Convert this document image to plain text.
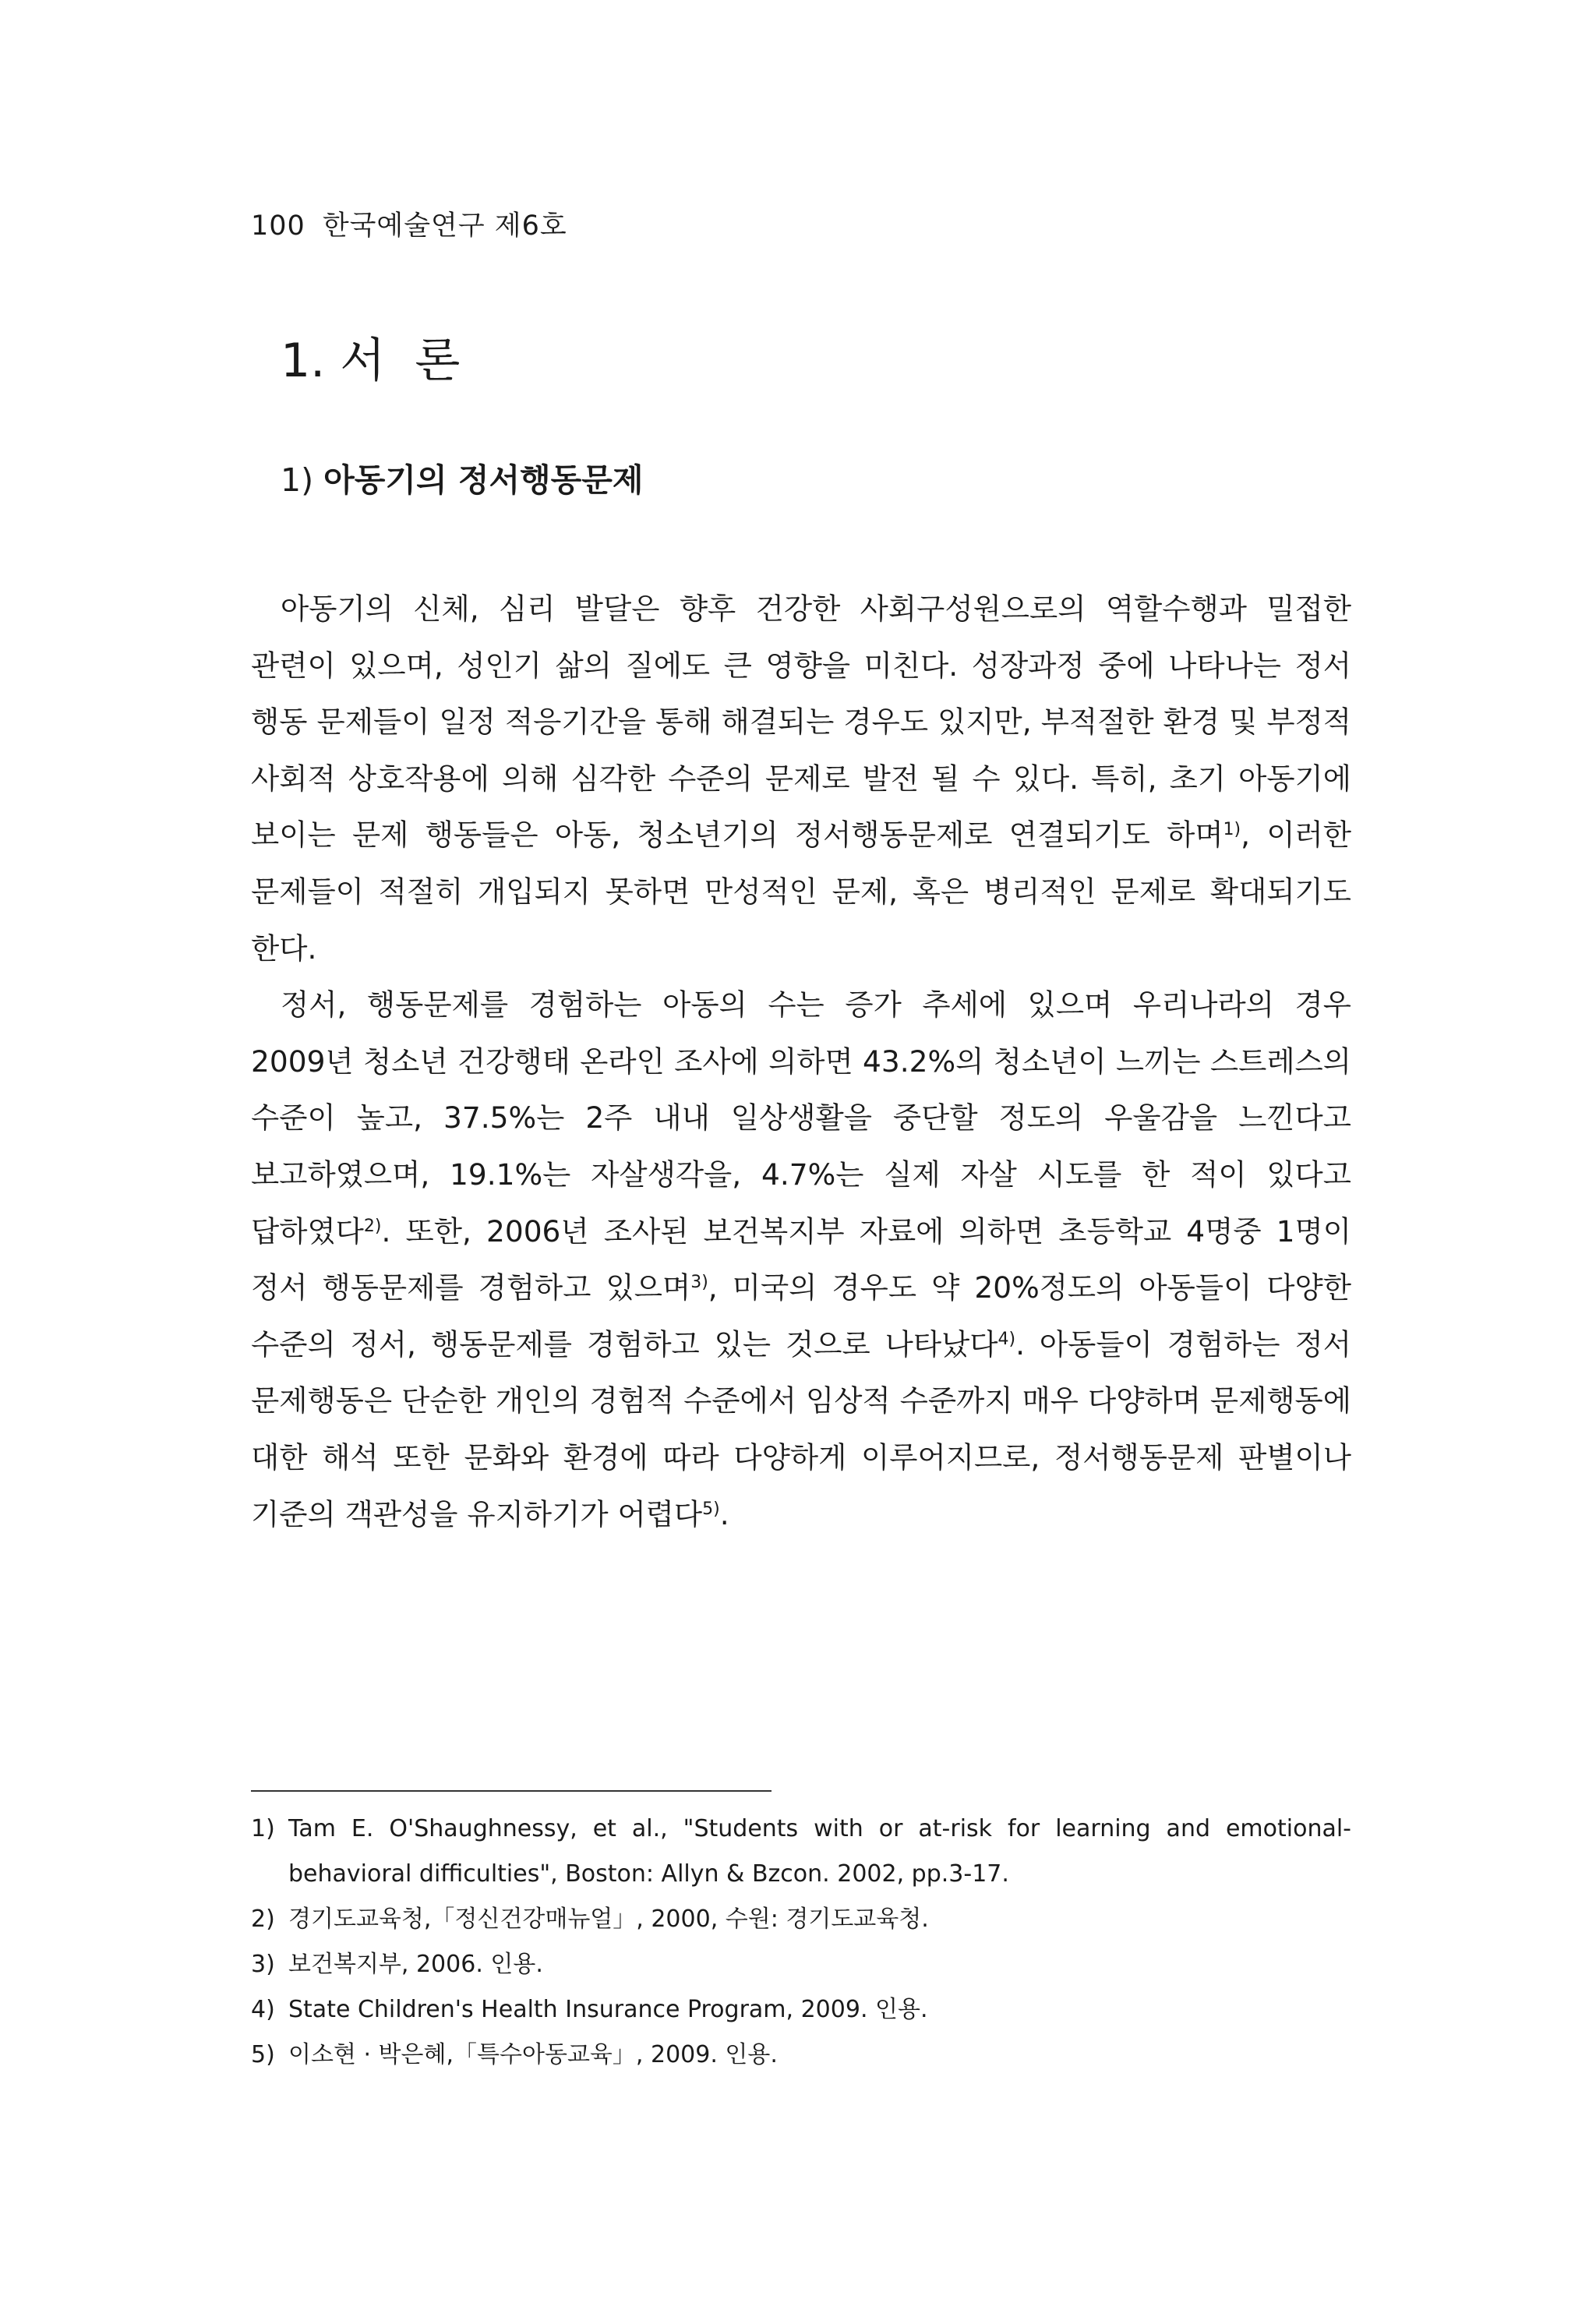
100 한국예술연구 제6호
1. 서  론
1) 아동기의 정서행동문제

아동기의 신체, 심리 발달은 향후 건강한 사회구성원으로의 역할수행과 밀접한 관련이 있으며, 성인기 삶의 질에도 큰 영향을 미친다. 성장과정 중에 나타나는 정서 행동 문제들이 일정 적응기간을 통해 해결되는 경우도 있지만, 부적절한 환경 및 부정적 사회적 상호작용에 의해 심각한 수준의 문제로 발전 될 수 있다. 특히, 초기 아동기에 보이는 문제 행동들은 아동, 청소년기의 정서행동문제로 연결되기도 하며$^{1)}$, 이러한 문제들이 적절히 개입되지 못하면 만성적인 문제, 혹은 병리적인 문제로 확대되기도 한다.

정서, 행동문제를 경험하는 아동의 수는 증가 추세에 있으며 우리나라의 경우 2009년 청소년 건강행태 온라인 조사에 의하면 43.2%의 청소년이 느끼는 스트레스의 수준이 높고, 37.5%는 2주 내내 일상생활을 중단할 정도의 우울감을 느낀다고 보고하였으며, 19.1%는 자살생각을, 4.7%는 실제 자살 시도를 한 적이 있다고 답하였다$^{2)}$. 또한, 2006년 조사된 보건복지부 자료에 의하면 초등학교 4명중 1명이 정서 행동문제를 경험하고 있으며$^{3)}$, 미국의 경우도 약 20%정도의 아동들이 다양한 수준의 정서, 행동문제를 경험하고 있는 것으로 나타났다$^{4)}$. 아동들이 경험하는 정서 문제행동은 단순한 개인의 경험적 수준에서 임상적 수준까지 매우 다양하며 문제행동에 대한 해석 또한 문화와 환경에 따라 다양하게 이루어지므로, 정서행동문제 판별이나 기준의 객관성을 유지하기가 어렵다$^{5)}$.

1) Tam E. O'Shaughnessy, et al., "Students with or at-risk for learning and emotional-behavioral difficulties", Boston: Allyn & Bzcon. 2002, pp.3-17.
2) 경기도교육청,「정신건강매뉴얼」, 2000, 수원: 경기도교육청.
3) 보건복지부, 2006. 인용.
4) State Children's Health Insurance Program, 2009. 인용.
5) 이소현 · 박은혜,「특수아동교육」, 2009. 인용.
